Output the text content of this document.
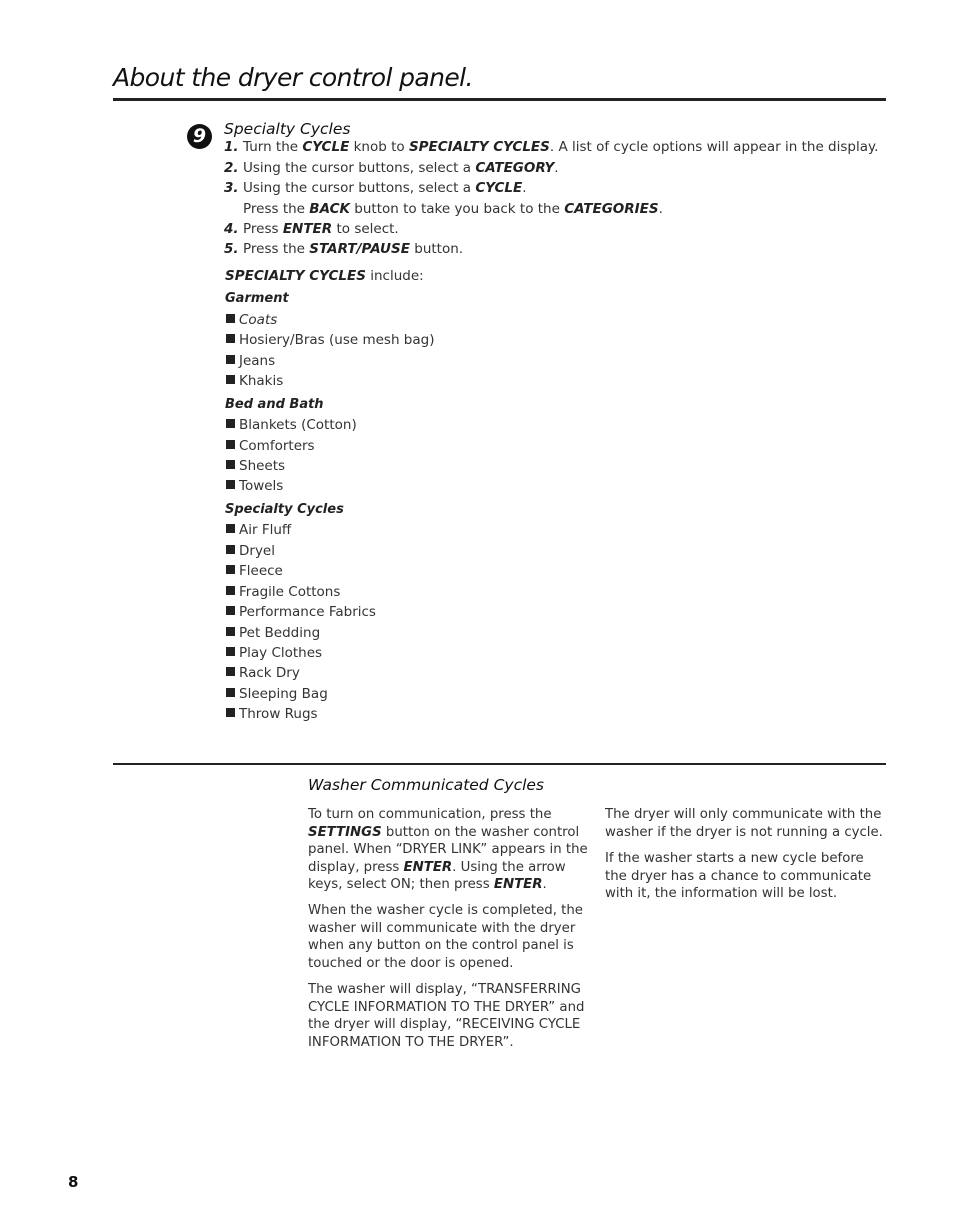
About the dryer control panel.
9	Specialty Cycles
1. Turn the CYCLE knob to SPECIALTY CYCLES. A list of cycle options will appear in the display.
2. Using the cursor buttons, select a CATEGORY.
3. Using the cursor buttons, select a CYCLE.
Press the BACK button to take you back to the CATEGORIES.
4. Press ENTER to select.
5. Press the START/PAUSE button.
SPECIALTY CYCLES include:
Garment
Coats
Hosiery/Bras (use mesh bag)
Jeans
Khakis
Bed and Bath
Blankets (Cotton)
Comforters
Sheets
Towels
Specialty Cycles
Air Fluff
Dryel
Fleece
Fragile Cottons
Performance Fabrics
Pet Bedding
Play Clothes
Rack Dry
Sleeping Bag
Throw Rugs
Washer Communicated Cycles

To turn on communication, press the SETTINGS button on the washer control panel. When “DRYER LINK” appears in the display, press ENTER. Using the arrow keys, select ON; then press ENTER.

When the washer cycle is completed, the washer will communicate with the dryer when any button on the control panel is touched or the door is opened.

The washer will display, “TRANSFERRING CYCLE INFORMATION TO THE DRYER” and the dryer will display, “RECEIVING CYCLE INFORMATION TO THE DRYER”.

The dryer will only communicate with the washer if the dryer is not running a cycle.

If the washer starts a new cycle before the dryer has a chance to communicate with it, the information will be lost.

8
